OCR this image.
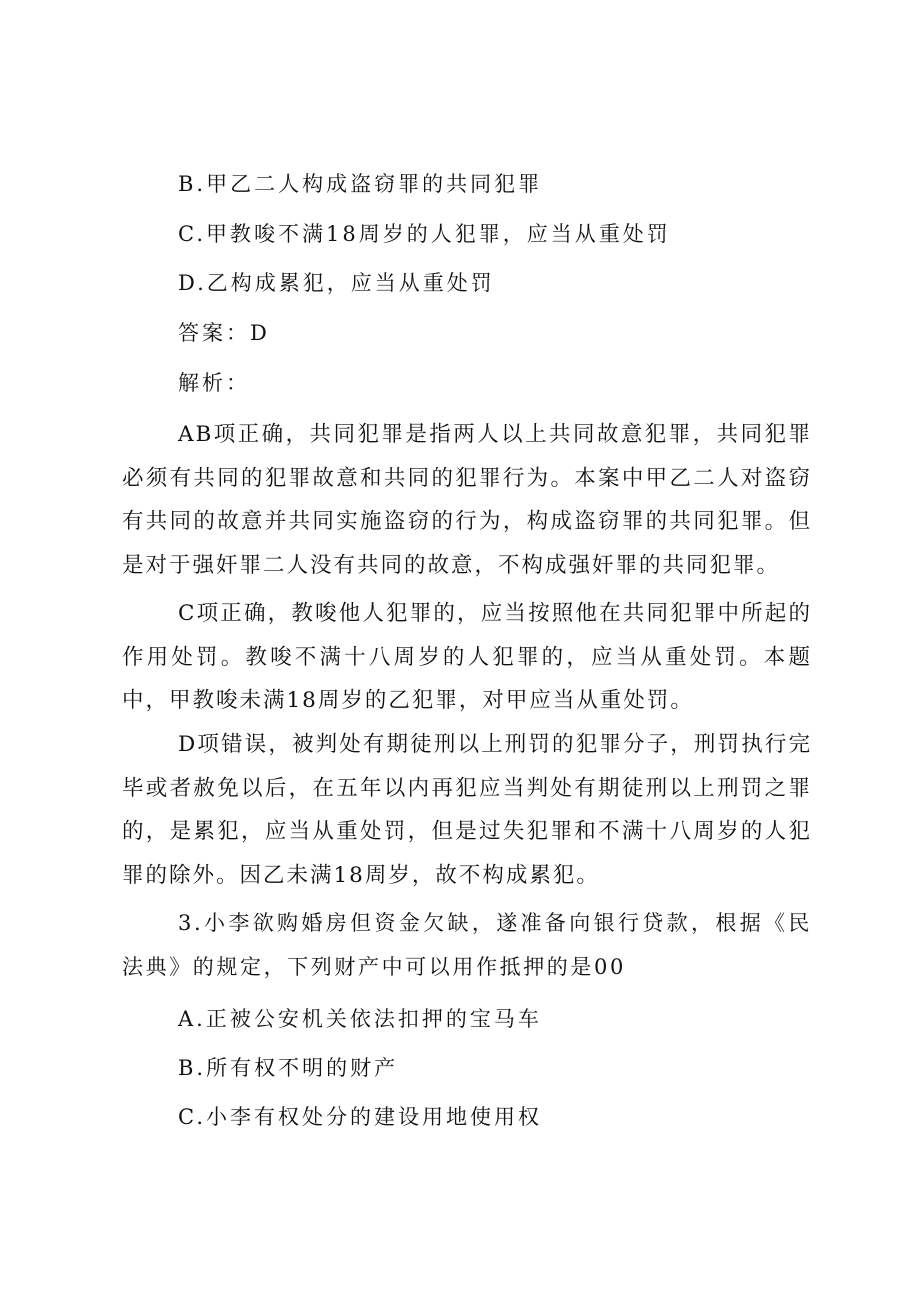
B.甲乙二人构成盗窃罪的共同犯罪
C.甲教唆不满18周岁的人犯罪，应当从重处罚
D.乙构成累犯，应当从重处罚
答案：D
解析：

AB项正确，共同犯罪是指两人以上共同故意犯罪，共同犯罪必须有共同的犯罪故意和共同的犯罪行为。本案中甲乙二人对盗窃有共同的故意并共同实施盗窃的行为，构成盗窃罪的共同犯罪。但是对于强奸罪二人没有共同的故意，不构成强奸罪的共同犯罪。

C项正确，教唆他人犯罪的，应当按照他在共同犯罪中所起的作用处罚。教唆不满十八周岁的人犯罪的，应当从重处罚。本题中，甲教唆未满18周岁的乙犯罪，对甲应当从重处罚。

D项错误，被判处有期徒刑以上刑罚的犯罪分子，刑罚执行完毕或者赦免以后，在五年以内再犯应当判处有期徒刑以上刑罚之罪的，是累犯，应当从重处罚，但是过失犯罪和不满十八周岁的人犯罪的除外。因乙未满18周岁，故不构成累犯。

3.小李欲购婚房但资金欠缺，遂准备向银行贷款，根据《民法典》的规定，下列财产中可以用作抵押的是00

A.正被公安机关依法扣押的宝马车
B.所有权不明的财产
C.小李有权处分的建设用地使用权
